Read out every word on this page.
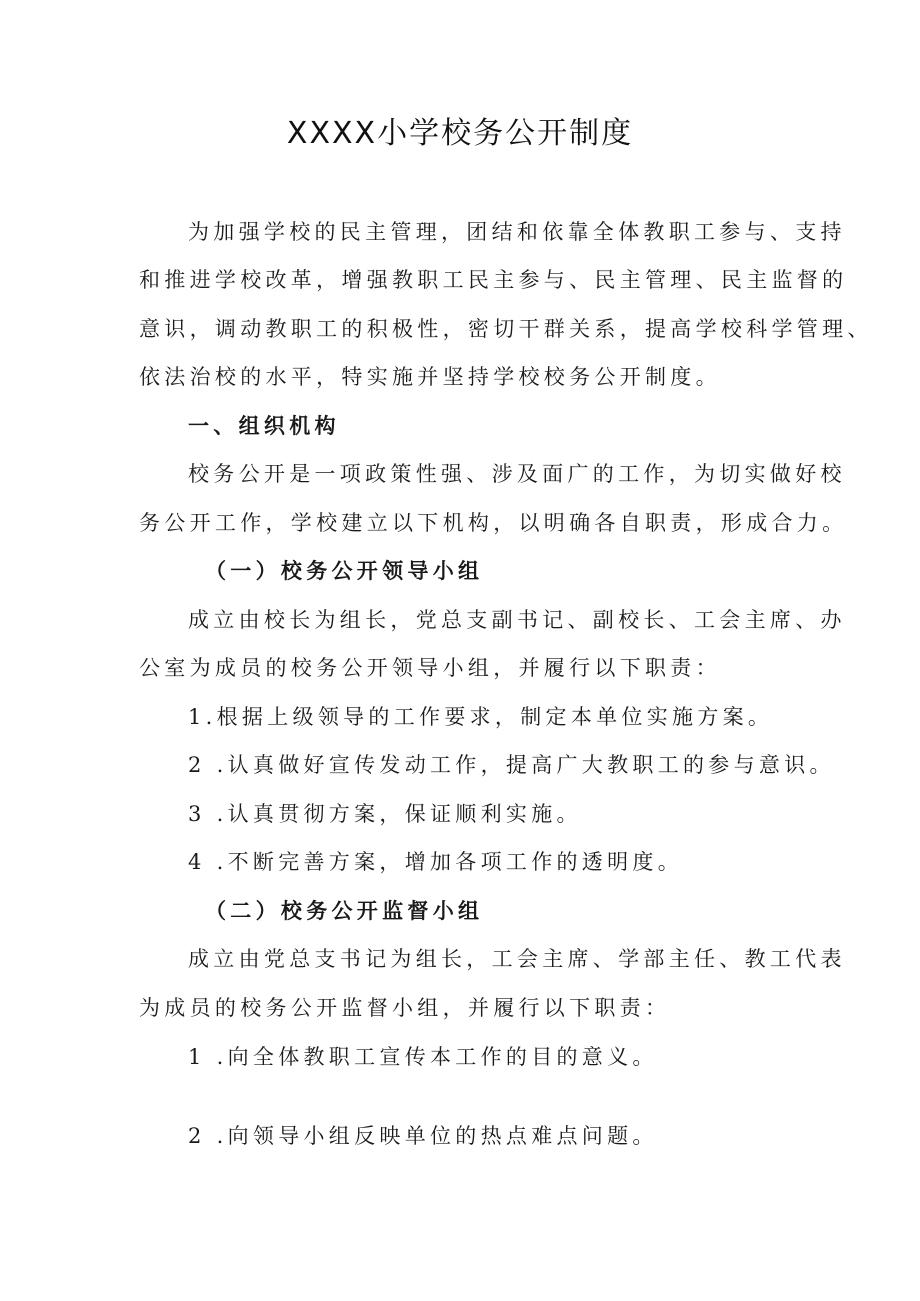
XXXX小学校务公开制度
为加强学校的民主管理，团结和依靠全体教职工参与、支持
和推进学校改革，增强教职工民主参与、民主管理、民主监督的
意识，调动教职工的积极性，密切干群关系，提高学校科学管理、
依法治校的水平，特实施并坚持学校校务公开制度。
一、组织机构
校务公开是一项政策性强、涉及面广的工作，为切实做好校
务公开工作，学校建立以下机构，以明确各自职责，形成合力。
（一）校务公开领导小组
成立由校长为组长，党总支副书记、副校长、工会主席、办
公室为成员的校务公开领导小组，并履行以下职责：
1.根据上级领导的工作要求，制定本单位实施方案。
2 .认真做好宣传发动工作，提高广大教职工的参与意识。
3 .认真贯彻方案，保证顺利实施。
4 .不断完善方案，增加各项工作的透明度。
（二）校务公开监督小组
成立由党总支书记为组长，工会主席、学部主任、教工代表
为成员的校务公开监督小组，并履行以下职责：
1 .向全体教职工宣传本工作的目的意义。
2 .向领导小组反映单位的热点难点问题。
